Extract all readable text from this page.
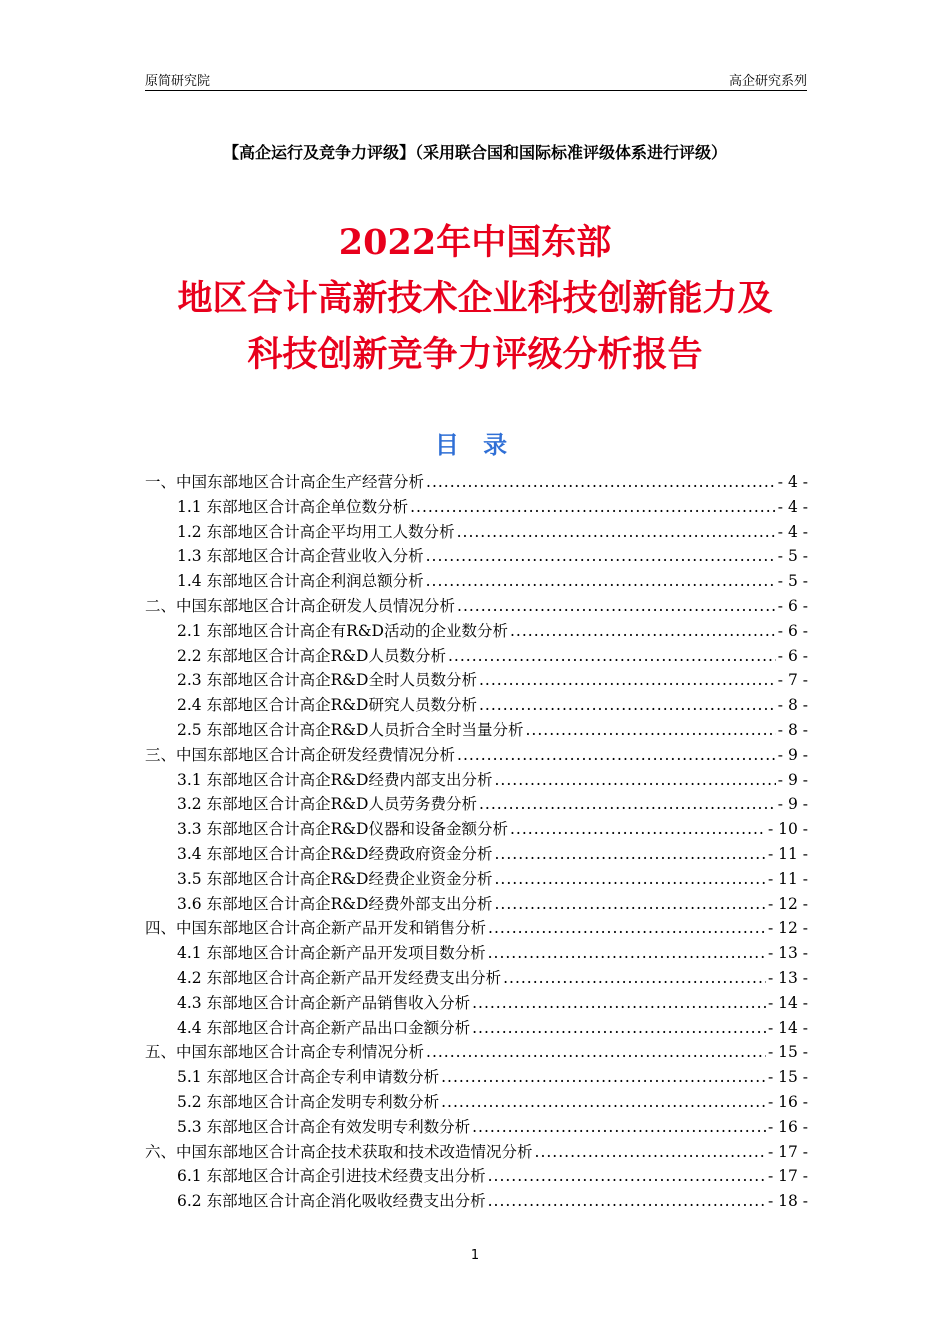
原简研究院	高企研究系列
【高企运行及竞争力评级】（采用联合国和国际标准评级体系进行评级）
2022年中国东部
地区合计高新技术企业科技创新能力及
科技创新竞争力评级分析报告
目 录
一、中国东部地区合计高企生产经营分析 .....	- 4 -
1.1 东部地区合计高企单位数分析 .....	- 4 -
1.2 东部地区合计高企平均用工人数分析 .....	- 4 -
1.3 东部地区合计高企营业收入分析 .....	- 5 -
1.4 东部地区合计高企利润总额分析 .....	- 5 -
二、中国东部地区合计高企研发人员情况分析 .....	- 6 -
2.1 东部地区合计高企有R&D活动的企业数分析 .....	- 6 -
2.2 东部地区合计高企R&D人员数分析 .....	- 6 -
2.3 东部地区合计高企R&D全时人员数分析 .....	- 7 -
2.4 东部地区合计高企R&D研究人员数分析 .....	- 8 -
2.5 东部地区合计高企R&D人员折合全时当量分析 .....	- 8 -
三、中国东部地区合计高企研发经费情况分析 .....	- 9 -
3.1 东部地区合计高企R&D经费内部支出分析 .....	- 9 -
3.2 东部地区合计高企R&D人员劳务费分析 .....	- 9 -
3.3 东部地区合计高企R&D仪器和设备金额分析 .....	- 10 -
3.4 东部地区合计高企R&D经费政府资金分析 .....	- 11 -
3.5 东部地区合计高企R&D经费企业资金分析 .....	- 11 -
3.6 东部地区合计高企R&D经费外部支出分析 .....	- 12 -
四、中国东部地区合计高企新产品开发和销售分析 .....	- 12 -
4.1 东部地区合计高企新产品开发项目数分析 .....	- 13 -
4.2 东部地区合计高企新产品开发经费支出分析 .....	- 13 -
4.3 东部地区合计高企新产品销售收入分析 .....	- 14 -
4.4 东部地区合计高企新产品出口金额分析 .....	- 14 -
五、中国东部地区合计高企专利情况分析 .....	- 15 -
5.1 东部地区合计高企专利申请数分析 .....	- 15 -
5.2 东部地区合计高企发明专利数分析 .....	- 16 -
5.3 东部地区合计高企有效发明专利数分析 .....	- 16 -
六、中国东部地区合计高企技术获取和技术改造情况分析 .....	- 17 -
6.1 东部地区合计高企引进技术经费支出分析 .....	- 17 -
6.2 东部地区合计高企消化吸收经费支出分析 .....	- 18 -
1
